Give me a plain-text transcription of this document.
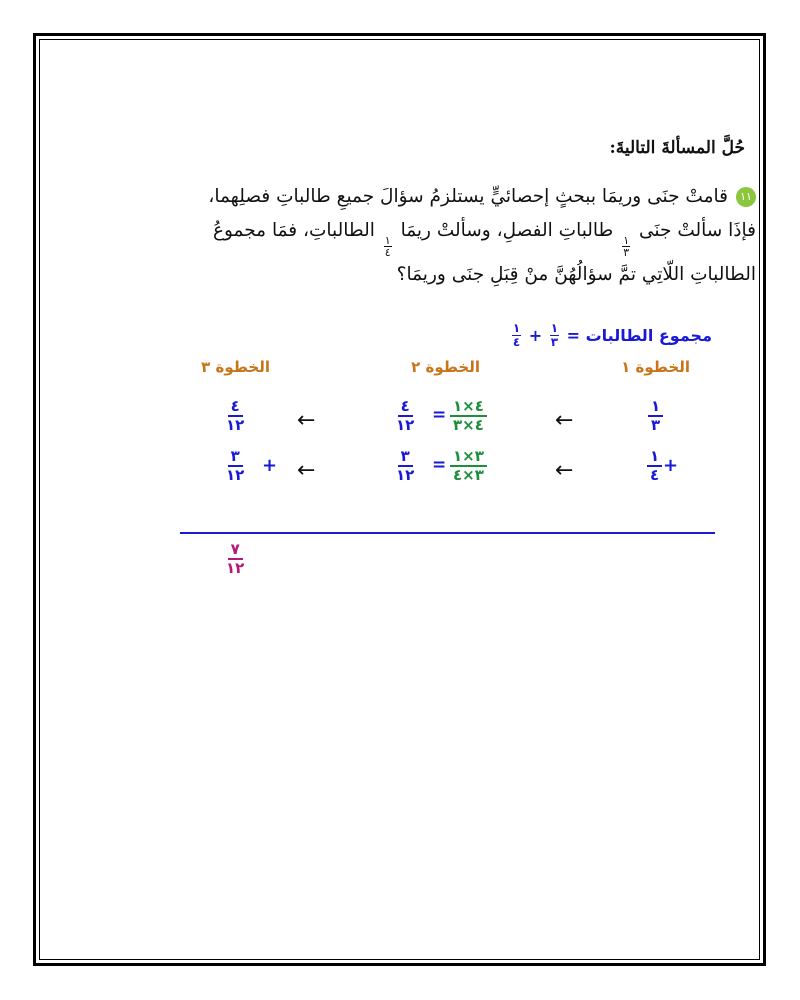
حُلَّ المسألةَ التاليةَ:
١١قامتْ جنَى وريمَا ببحثٍ إحصائيٍّ يستلزمُ سؤالَ جميعِ طالباتِ فصلِهما،
فإذَا سألتْ جنَى
١
٣
طالباتِ الفصلِ، وسألتْ ريمَا
١
٤
الطالباتِ، فمَا مجموعُ
الطالباتِ اللّاتِي تمَّ سؤالُهُنَّ منْ قِبَلِ جنَى وريمَا؟
مجموع الطالبات =
١
٣
+
١
٤
الخطوة ١
الخطوة ٢
الخطوة ٣
١
٣
←
٤×١
٤×٣
=
٤
١٢
←
٤
١٢
+
١
٤
←
٣×١
٣×٤
=
٣
١٢
←
+
٣
١٢
٧
١٢
